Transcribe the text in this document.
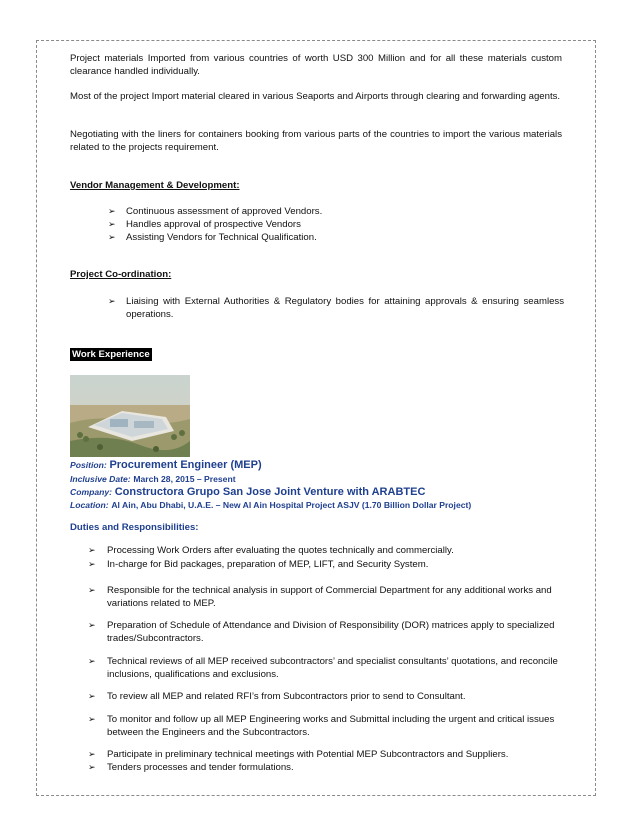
Project materials Imported from various countries of worth USD 300 Million and for all these materials custom clearance handled individually.

Most of the project Import material cleared in various Seaports and Airports through clearing and forwarding agents.

Negotiating with the liners for containers booking from various parts of the countries to import the various materials related to the projects requirement.

Vendor Management & Development:

➢	Continuous assessment of approved Vendors.
➢	Handles approval of prospective Vendors
➢	Assisting Vendors for Technical Qualification.

Project Co-ordination:

➢	Liaising with External Authorities & Regulatory bodies for attaining approvals & ensuring seamless operations.
Work Experience

Position: Procurement Engineer (MEP)

Inclusive Date: March 28, 2015 – Present

Company: Constructora Grupo San Jose Joint Venture with ARABTEC

Location: Al Ain, Abu Dhabi, U.A.E. – New Al Ain Hospital Project ASJV (1.70 Billion Dollar Project)

Duties and Responsibilities:

➢	Processing Work Orders after evaluating the quotes technically and commercially.
➢	In-charge for Bid packages, preparation of MEP, LIFT, and Security System.
➢	Responsible for the technical analysis in support of Commercial Department for any additional works and variations related to MEP.
➢	Preparation of Schedule of Attendance and Division of Responsibility (DOR) matrices apply to specialized trades/Subcontractors.
➢	Technical reviews of all MEP received subcontractors’ and specialist consultants’ quotations, and reconcile inclusions, qualifications and exclusions.
➢	To review all MEP and related RFI’s from Subcontractors prior to send to Consultant.
➢	To monitor and follow up all MEP Engineering works and Submittal including the urgent and critical issues between the Engineers and the Subcontractors.
➢	Participate in preliminary technical meetings with Potential MEP Subcontractors and Suppliers.
➢	Tenders processes and tender formulations.
